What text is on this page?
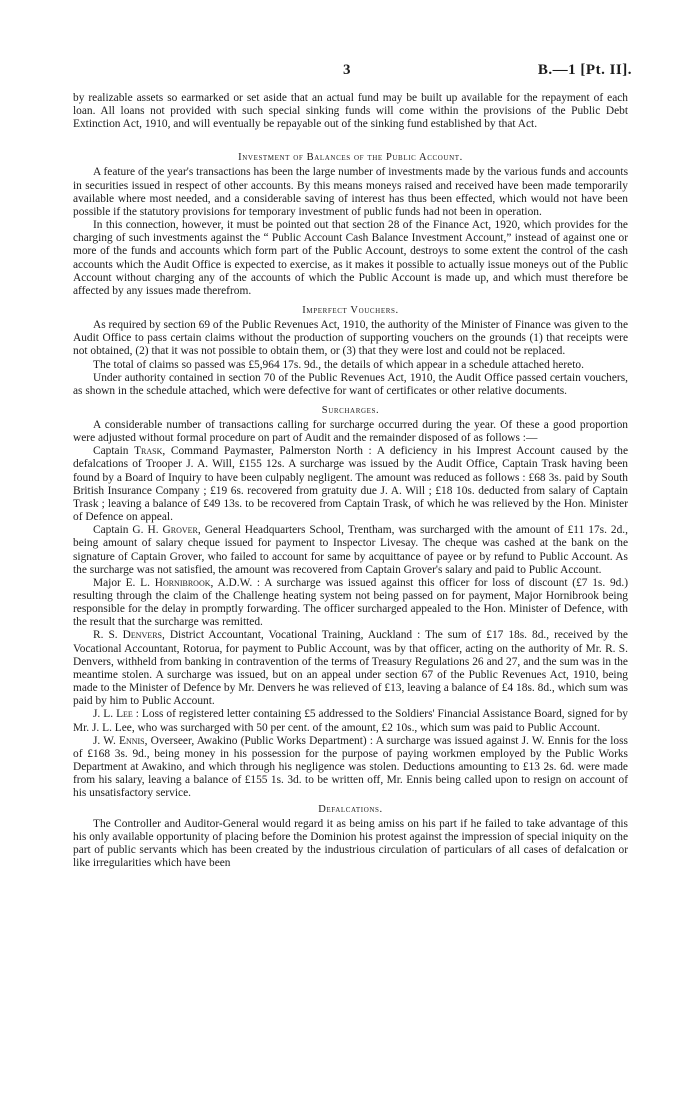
3	B.—1 [Pt. II].

by realizable assets so earmarked or set aside that an actual fund may be built up available for the repayment of each loan. All loans not provided with such special sinking funds will come within the provisions of the Public Debt Extinction Act, 1910, and will eventually be repayable out of the sinking fund established by that Act.

Investment of Balances of the Public Account.

A feature of the year's transactions has been the large number of investments made by the various funds and accounts in securities issued in respect of other accounts. By this means moneys raised and received have been made temporarily available where most needed, and a considerable saving of interest has thus been effected, which would not have been possible if the statutory provisions for temporary investment of public funds had not been in operation.

In this connection, however, it must be pointed out that section 28 of the Finance Act, 1920, which provides for the charging of such investments against the “ Public Account Cash Balance Investment Account,” instead of against one or more of the funds and accounts which form part of the Public Account, destroys to some extent the control of the cash accounts which the Audit Office is expected to exercise, as it makes it possible to actually issue moneys out of the Public Account without charging any of the accounts of which the Public Account is made up, and which must therefore be affected by any issues made therefrom.

Imperfect Vouchers.

As required by section 69 of the Public Revenues Act, 1910, the authority of the Minister of Finance was given to the Audit Office to pass certain claims without the production of supporting vouchers on the grounds (1) that receipts were not obtained, (2) that it was not possible to obtain them, or (3) that they were lost and could not be replaced.

The total of claims so passed was £5,964 17s. 9d., the details of which appear in a schedule attached hereto.

Under authority contained in section 70 of the Public Revenues Act, 1910, the Audit Office passed certain vouchers, as shown in the schedule attached, which were defective for want of certificates or other relative documents.

Surcharges.

A considerable number of transactions calling for surcharge occurred during the year. Of these a good proportion were adjusted without formal procedure on part of Audit and the remainder disposed of as follows :—

Captain Trask, Command Paymaster, Palmerston North : A deficiency in his Imprest Account caused by the defalcations of Trooper J. A. Will, £155 12s. A surcharge was issued by the Audit Office, Captain Trask having been found by a Board of Inquiry to have been culpably negligent. The amount was reduced as follows : £68 3s. paid by South British Insurance Company ; £19 6s. recovered from gratuity due J. A. Will ; £18 10s. deducted from salary of Captain Trask ; leaving a balance of £49 13s. to be recovered from Captain Trask, of which he was relieved by the Hon. Minister of Defence on appeal.

Captain G. H. Grover, General Headquarters School, Trentham, was surcharged with the amount of £11 17s. 2d., being amount of salary cheque issued for payment to Inspector Livesay. The cheque was cashed at the bank on the signature of Captain Grover, who failed to account for same by acquittance of payee or by refund to Public Account. As the surcharge was not satisfied, the amount was recovered from Captain Grover's salary and paid to Public Account.

Major E. L. Hornibrook, A.D.W. : A surcharge was issued against this officer for loss of discount (£7 1s. 9d.) resulting through the claim of the Challenge heating system not being passed on for payment, Major Hornibrook being responsible for the delay in promptly forwarding. The officer surcharged appealed to the Hon. Minister of Defence, with the result that the surcharge was remitted.

R. S. Denvers, District Accountant, Vocational Training, Auckland : The sum of £17 18s. 8d., received by the Vocational Accountant, Rotorua, for payment to Public Account, was by that officer, acting on the authority of Mr. R. S. Denvers, withheld from banking in contravention of the terms of Treasury Regulations 26 and 27, and the sum was in the meantime stolen. A surcharge was issued, but on an appeal under section 67 of the Public Revenues Act, 1910, being made to the Minister of Defence by Mr. Denvers he was relieved of £13, leaving a balance of £4 18s. 8d., which sum was paid by him to Public Account.

J. L. Lee : Loss of registered letter containing £5 addressed to the Soldiers' Financial Assistance Board, signed for by Mr. J. L. Lee, who was surcharged with 50 per cent. of the amount, £2 10s., which sum was paid to Public Account.

J. W. Ennis, Overseer, Awakino (Public Works Department) : A surcharge was issued against J. W. Ennis for the loss of £168 3s. 9d., being money in his possession for the purpose of paying workmen employed by the Public Works Department at Awakino, and which through his negligence was stolen. Deductions amounting to £13 2s. 6d. were made from his salary, leaving a balance of £155 1s. 3d. to be written off, Mr. Ennis being called upon to resign on account of his unsatisfactory service.

Defalcations.

The Controller and Auditor-General would regard it as being amiss on his part if he failed to take advantage of this his only available opportunity of placing before the Dominion his protest against the impression of special iniquity on the part of public servants which has been created by the industrious circulation of particulars of all cases of defalcation or like irregularities which have been
